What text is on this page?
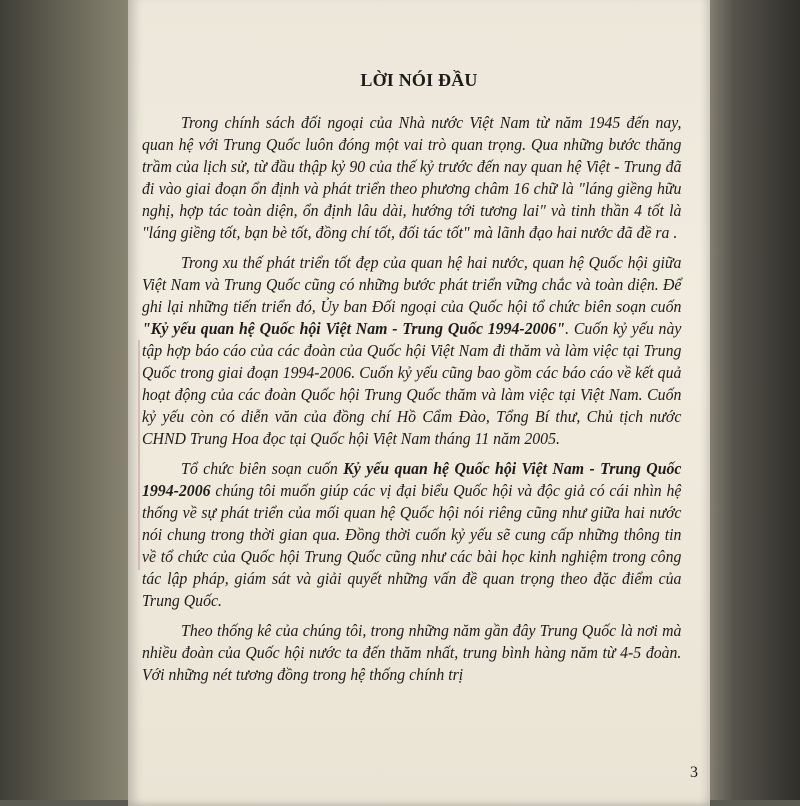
LỜI NÓI ĐẦU

Trong chính sách đối ngoại của Nhà nước Việt Nam từ năm 1945 đến nay, quan hệ với Trung Quốc luôn đóng một vai trò quan trọng. Qua những bước thăng trầm của lịch sử, từ đầu thập kỷ 90 của thế kỷ trước đến nay quan hệ Việt - Trung đã đi vào giai đoạn ổn định và phát triển theo phương châm 16 chữ là "láng giềng hữu nghị, hợp tác toàn diện, ổn định lâu dài, hướng tới tương lai" và tinh thần 4 tốt là "láng giềng tốt, bạn bè tốt, đồng chí tốt, đối tác tốt" mà lãnh đạo hai nước đã đề ra .

Trong xu thế phát triển tốt đẹp của quan hệ hai nước, quan hệ Quốc hội giữa Việt Nam và Trung Quốc cũng có những bước phát triển vững chắc và toàn diện. Để ghi lại những tiến triển đó, Ủy ban Đối ngoại của Quốc hội tổ chức biên soạn cuốn "Kỷ yếu quan hệ Quốc hội Việt Nam - Trung Quốc 1994-2006". Cuốn kỷ yếu này tập hợp báo cáo của các đoàn của Quốc hội Việt Nam đi thăm và làm việc tại Trung Quốc trong giai đoạn 1994-2006. Cuốn kỷ yếu cũng bao gồm các báo cáo về kết quả hoạt động của các đoàn Quốc hội Trung Quốc thăm và làm việc tại Việt Nam. Cuốn kỷ yếu còn có diễn văn của đồng chí Hồ Cẩm Đào, Tổng Bí thư, Chủ tịch nước CHND Trung Hoa đọc tại Quốc hội Việt Nam tháng 11 năm 2005.

Tổ chức biên soạn cuốn Kỷ yếu quan hệ Quốc hội Việt Nam - Trung Quốc 1994-2006 chúng tôi muốn giúp các vị đại biểu Quốc hội và độc giả có cái nhìn hệ thống về sự phát triển của mối quan hệ Quốc hội nói riêng cũng như giữa hai nước nói chung trong thời gian qua. Đồng thời cuốn kỷ yếu sẽ cung cấp những thông tin về tổ chức của Quốc hội Trung Quốc cũng như các bài học kinh nghiệm trong công tác lập pháp, giám sát và giải quyết những vấn đề quan trọng theo đặc điểm của Trung Quốc.

Theo thống kê của chúng tôi, trong những năm gần đây Trung Quốc là nơi mà nhiều đoàn của Quốc hội nước ta đến thăm nhất, trung bình hàng năm từ 4-5 đoàn. Với những nét tương đồng trong hệ thống chính trị

3
